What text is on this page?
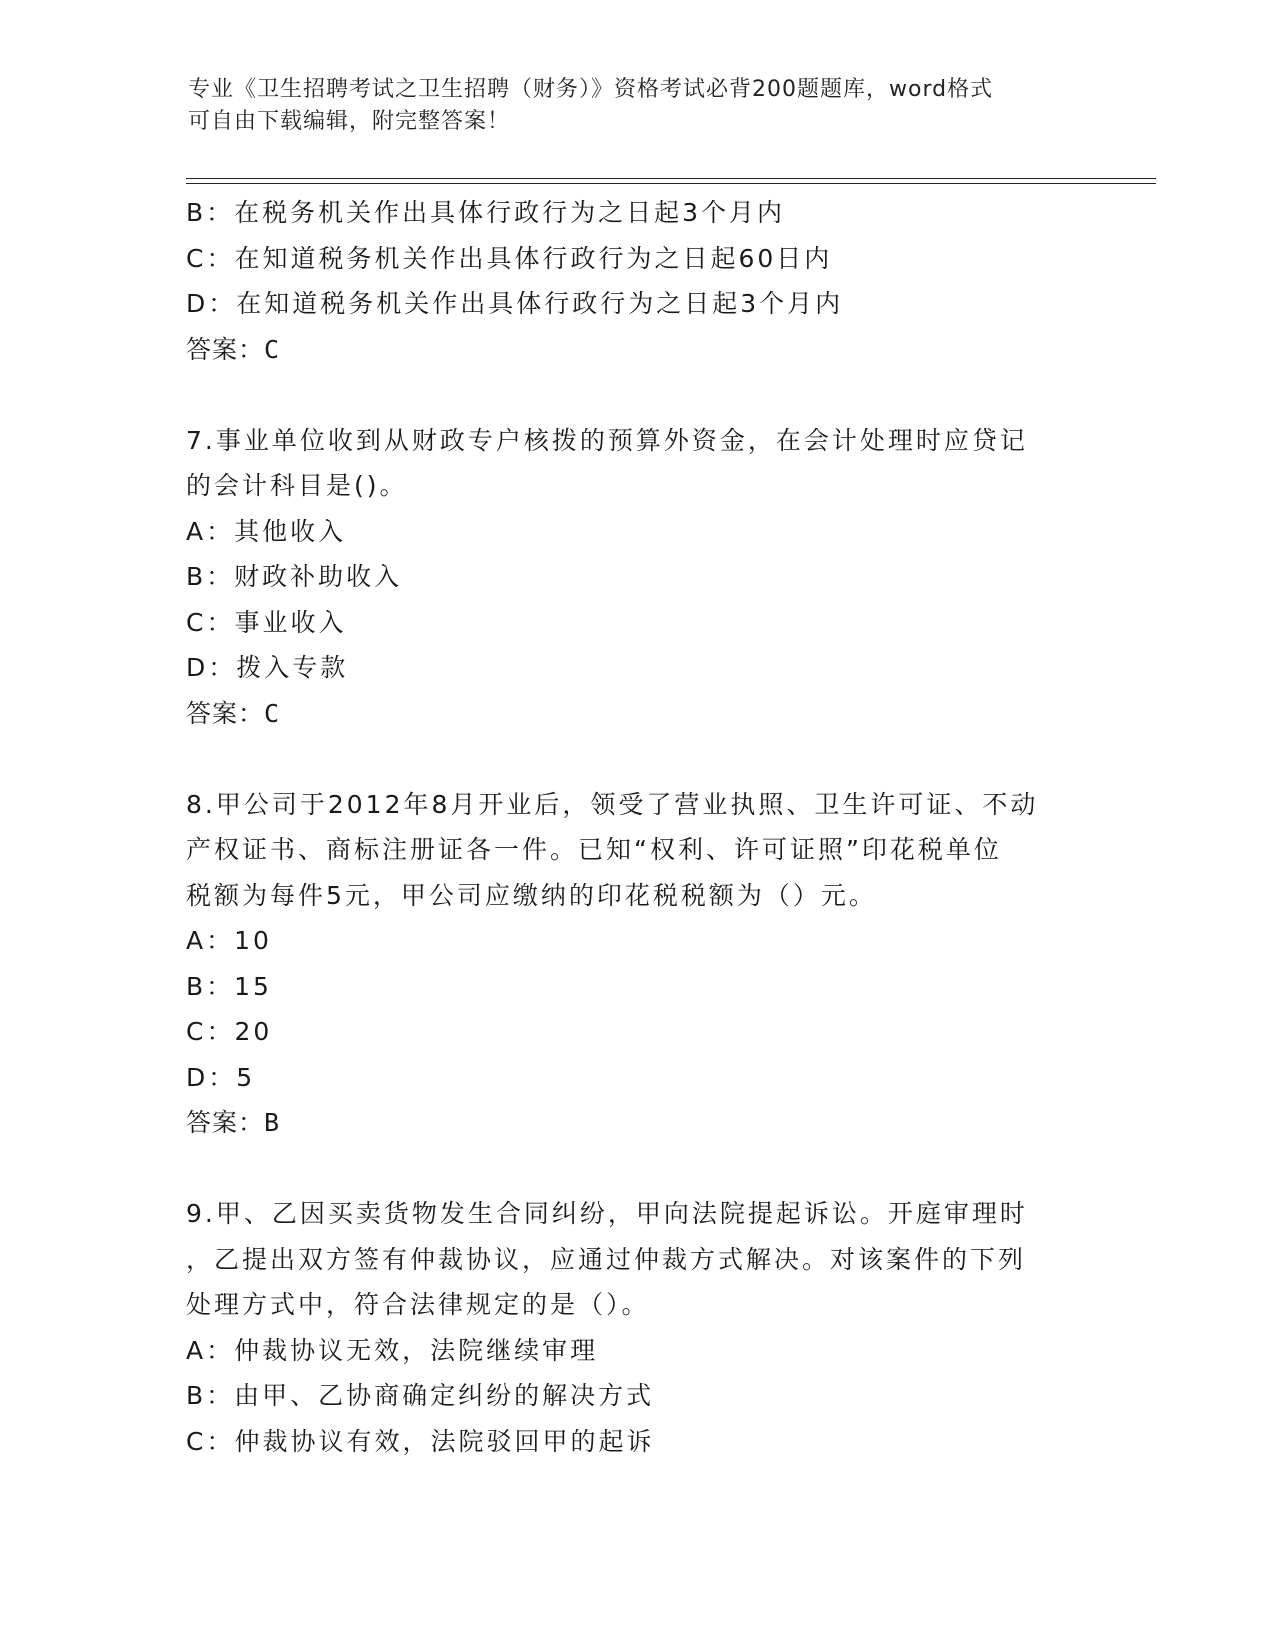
专业《卫生招聘考试之卫生招聘（财务）》资格考试必背200题题库，word格式
可自由下载编辑，附完整答案！
B：在税务机关作出具体行政行为之日起3个月内
C：在知道税务机关作出具体行政行为之日起60日内
D：在知道税务机关作出具体行政行为之日起3个月内
答案：C
7.事业单位收到从财政专户核拨的预算外资金，在会计处理时应贷记
的会计科目是()。
A：其他收入
B：财政补助收入
C：事业收入
D：拨入专款
答案：C
8.甲公司于2012年8月开业后，领受了营业执照、卫生许可证、不动
产权证书、商标注册证各一件。已知“权利、许可证照”印花税单位
税额为每件5元，甲公司应缴纳的印花税税额为（）元。
A：10
B：15
C：20
D：5
答案：B
9.甲、乙因买卖货物发生合同纠纷，甲向法院提起诉讼。开庭审理时
，乙提出双方签有仲裁协议，应通过仲裁方式解决。对该案件的下列
处理方式中，符合法律规定的是（）。
A：仲裁协议无效，法院继续审理
B：由甲、乙协商确定纠纷的解决方式
C：仲裁协议有效，法院驳回甲的起诉
